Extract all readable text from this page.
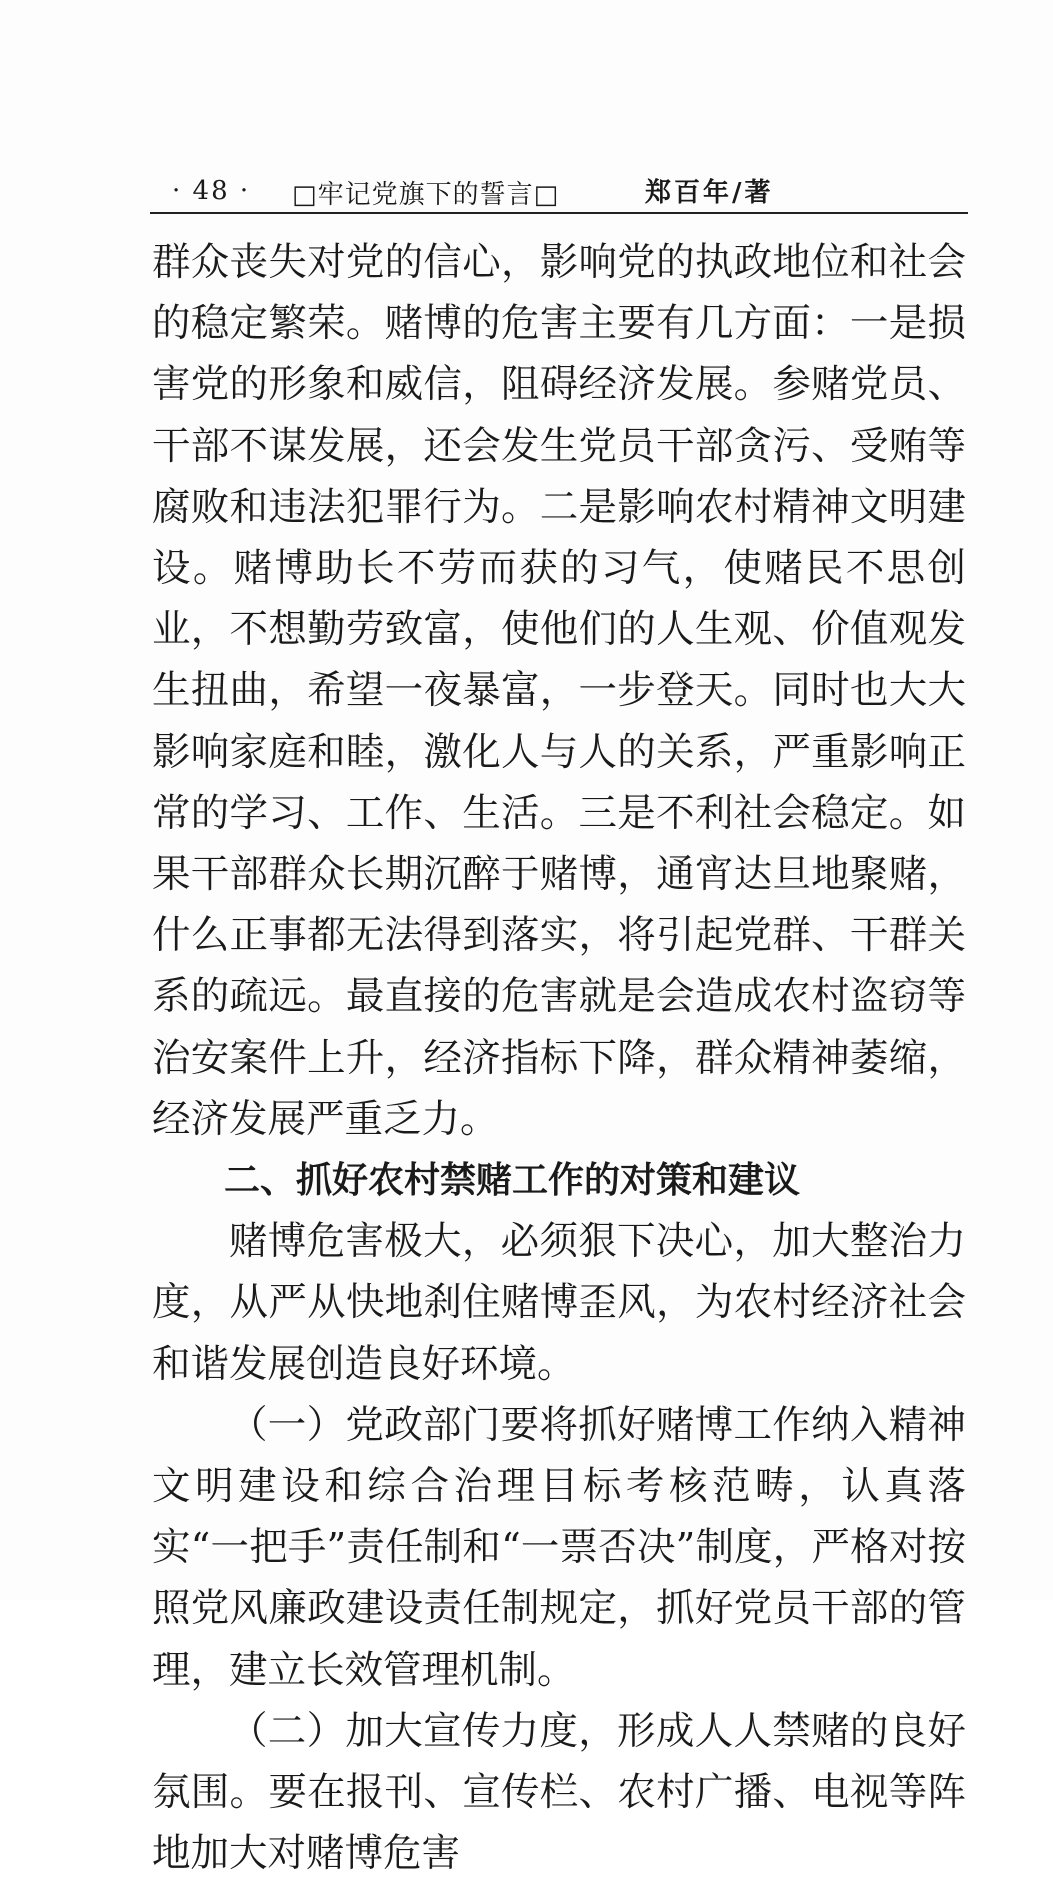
· 48 · □牢记党旗下的誓言□	郑百年/著

群众丧失对党的信心，影响党的执政地位和社会的稳定繁荣。赌博的危害主要有几方面：一是损害党的形象和威信，阻碍经济发展。参赌党员、干部不谋发展，还会发生党员干部贪污、受贿等腐败和违法犯罪行为。二是影响农村精神文明建设。赌博助长不劳而获的习气，使赌民不思创业，不想勤劳致富，使他们的人生观、价值观发生扭曲，希望一夜暴富，一步登天。同时也大大影响家庭和睦，激化人与人的关系，严重影响正常的学习、工作、生活。三是不利社会稳定。如果干部群众长期沉醉于赌博，通宵达旦地聚赌，什么正事都无法得到落实，将引起党群、干群关系的疏远。最直接的危害就是会造成农村盗窃等治安案件上升，经济指标下降，群众精神萎缩，经济发展严重乏力。

二、抓好农村禁赌工作的对策和建议

赌博危害极大，必须狠下决心，加大整治力度，从严从快地刹住赌博歪风，为农村经济社会和谐发展创造良好环境。

（一）党政部门要将抓好赌博工作纳入精神文明建设和综合治理目标考核范畴，认真落实“一把手”责任制和“一票否决”制度，严格对按照党风廉政建设责任制规定，抓好党员干部的管理，建立长效管理机制。

（二）加大宣传力度，形成人人禁赌的良好氛围。要在报刊、宣传栏、农村广播、电视等阵地加大对赌博危害
